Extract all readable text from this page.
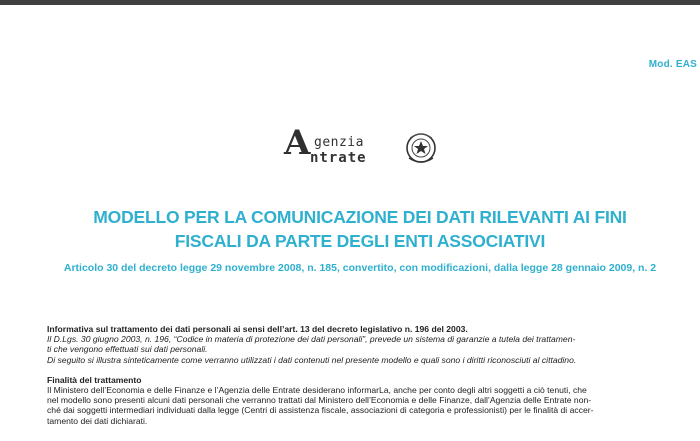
Mod. EAS
A genzia
ntrate
MODELLO PER LA COMUNICAZIONE DEI DATI RILEVANTI AI FINI
FISCALI DA PARTE DEGLI ENTI ASSOCIATIVI
Articolo 30 del decreto legge 29 novembre 2008, n. 185, convertito, con modificazioni, dalla legge 28 gennaio 2009, n. 2

Informativa sul trattamento dei dati personali ai sensi dell’art. 13 del decreto legislativo n. 196 del 2003.

Il D.Lgs. 30 giugno 2003, n. 196, “Codice in materia di protezione dei dati personali”, prevede un sistema di garanzie a tutela dei trattamen-

ti che vengono effettuati sui dati personali.

Di seguito si illustra sinteticamente come verranno utilizzati i dati contenuti nel presente modello e quali sono i diritti riconosciuti al cittadino.

Finalità del trattamento

Il Ministero dell’Economia e delle Finanze e l’Agenzia delle Entrate desiderano informarLa, anche per conto degli altri soggetti a ciò tenuti, che

nel modello sono presenti alcuni dati personali che verranno trattati dal Ministero dell’Economia e delle Finanze, dall’Agenzia delle Entrate non-

ché dai soggetti intermediari individuati dalla legge (Centri di assistenza fiscale, associazioni di categoria e professionisti) per le finalità di accer-

tamento dei dati dichiarati.
